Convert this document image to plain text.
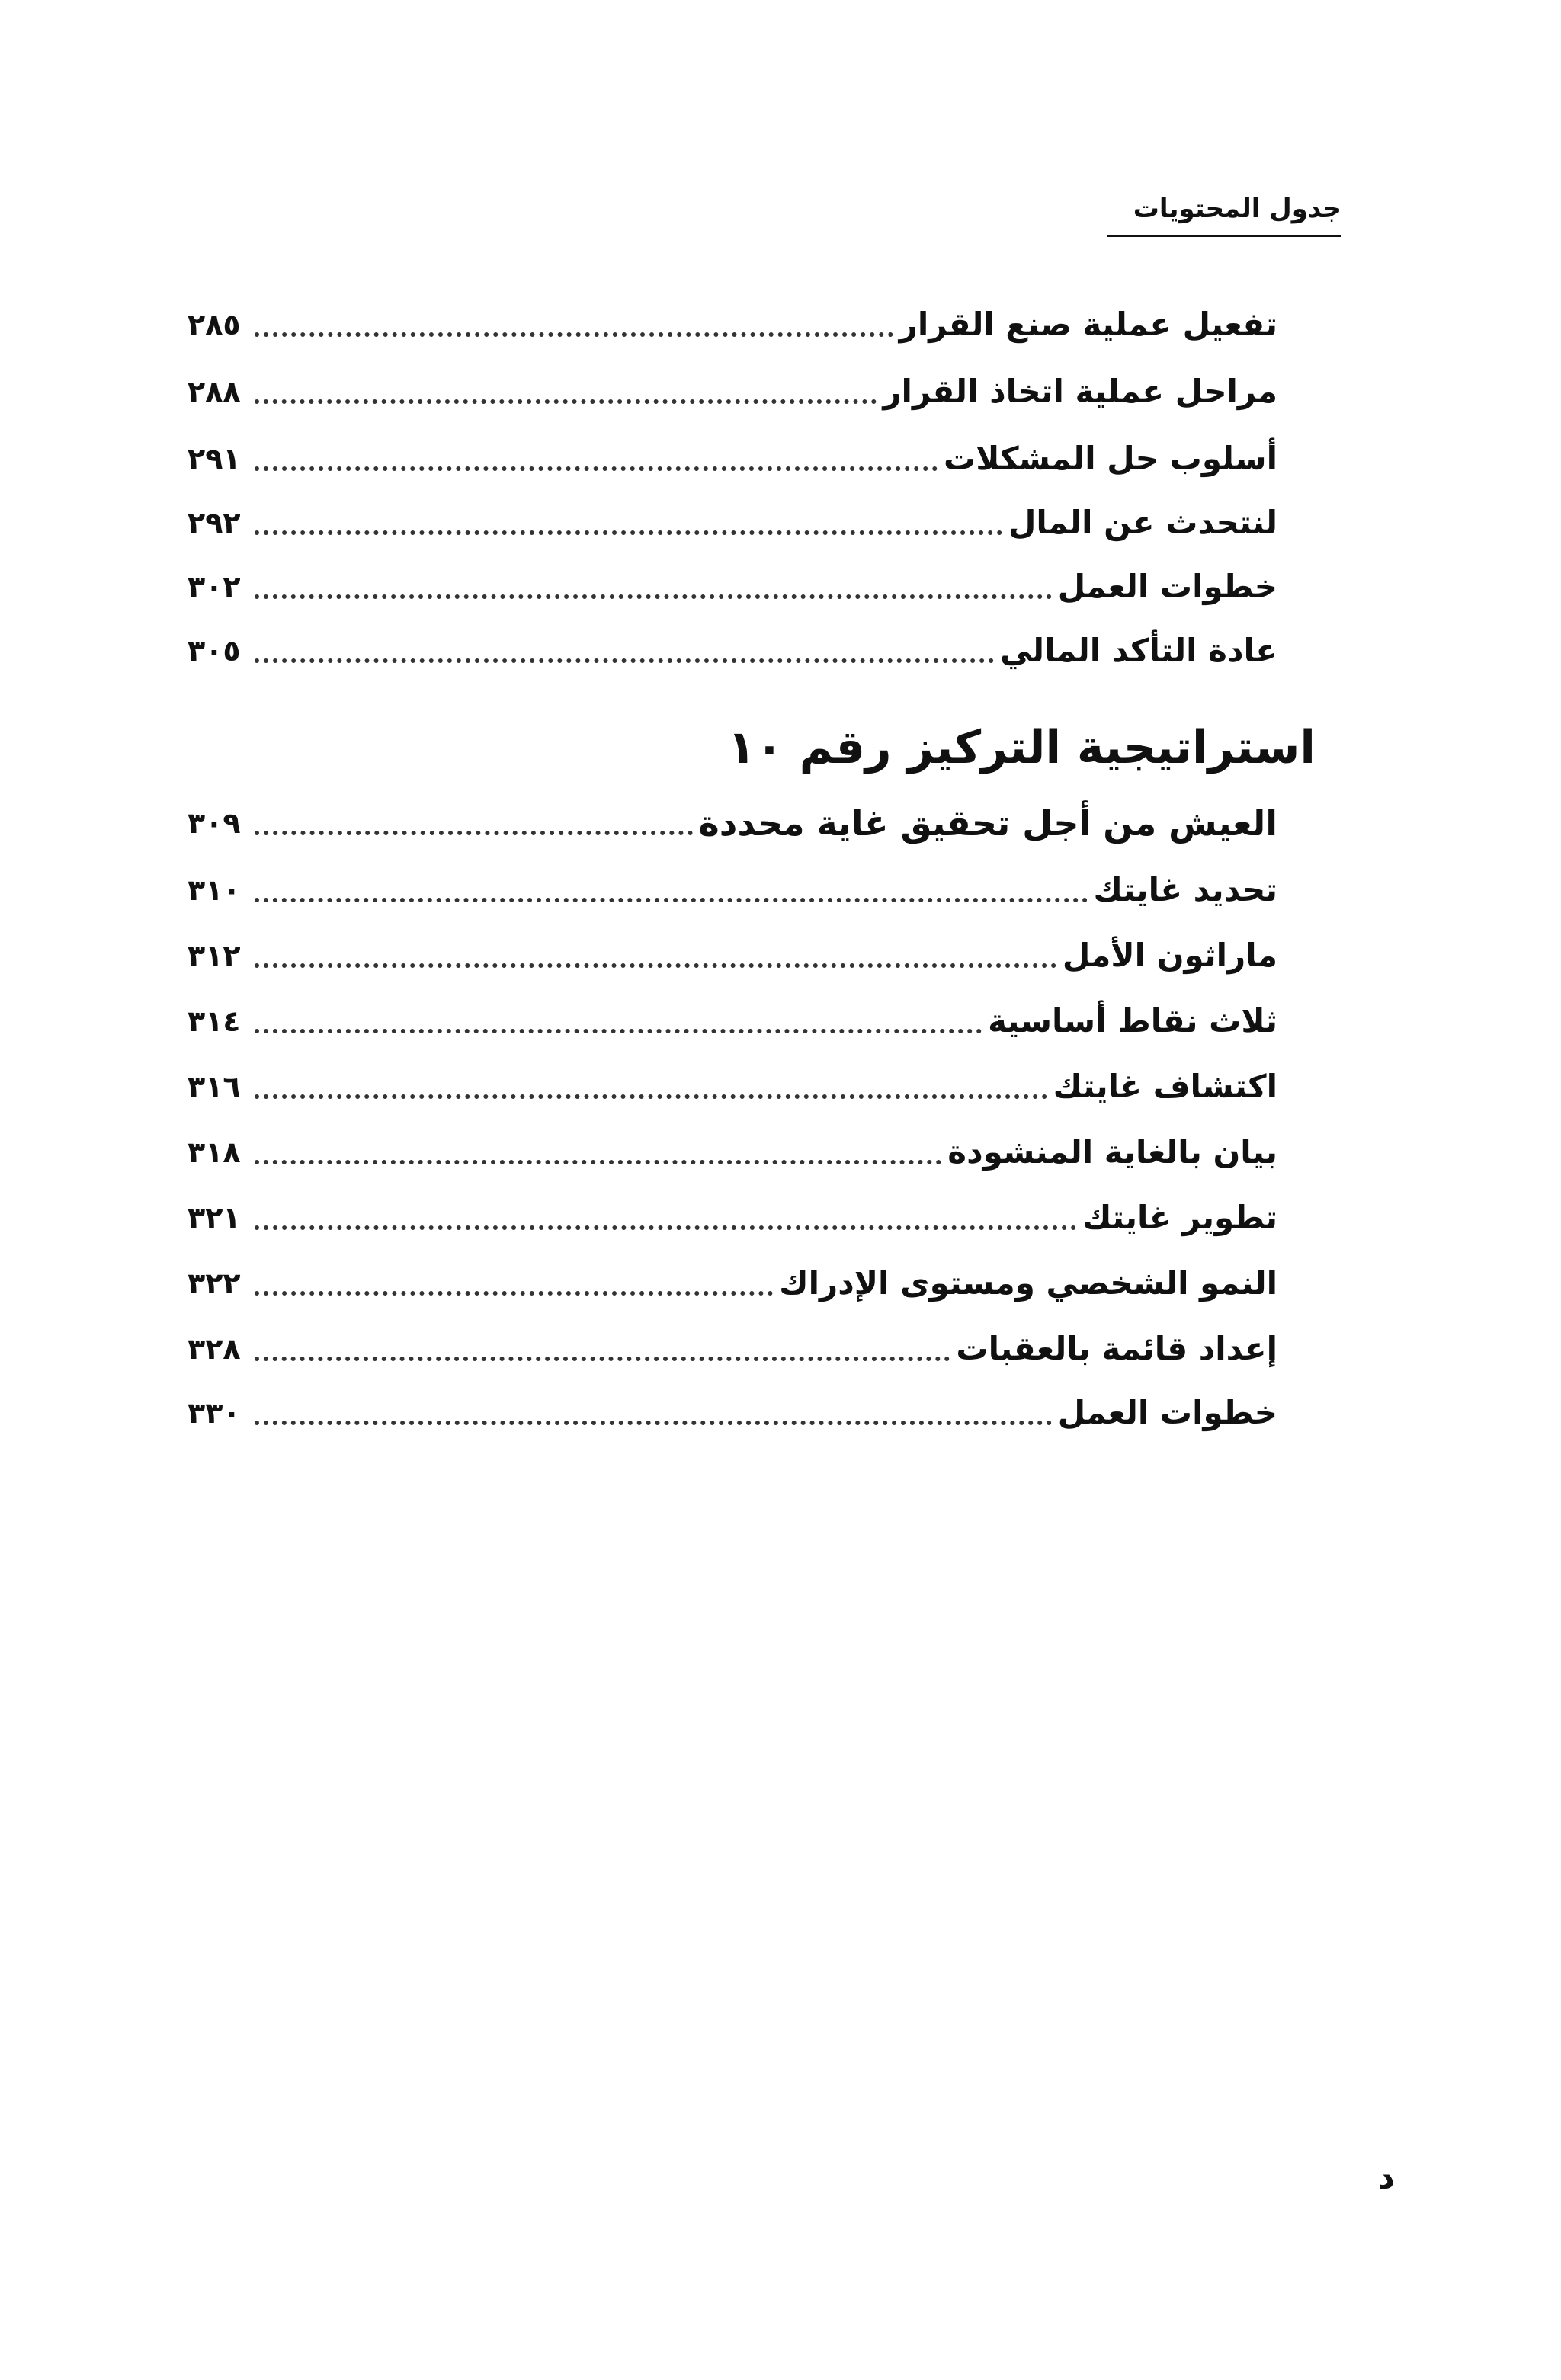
جدول المحتويات
تفعيل عملية صنع القرار
٢٨٥
مراحل عملية اتخاذ القرار
٢٨٨
أسلوب حل المشكلات
٢٩١
لنتحدث عن المال
٢٩٢
خطوات العمل
٣٠٢
عادة التأكد المالي
٣٠٥
استراتيجية التركيز رقم ١٠
العيش من أجل تحقيق غاية محددة
٣٠٩
تحديد غايتك
٣١٠
ماراثون الأمل
٣١٢
ثلاث نقاط أساسية
٣١٤
اكتشاف غايتك
٣١٦
بيان بالغاية المنشودة
٣١٨
تطوير غايتك
٣٢١
النمو الشخصي ومستوى الإدراك
٣٢٢
إعداد قائمة بالعقبات
٣٢٨
خطوات العمل
٣٣٠
د
